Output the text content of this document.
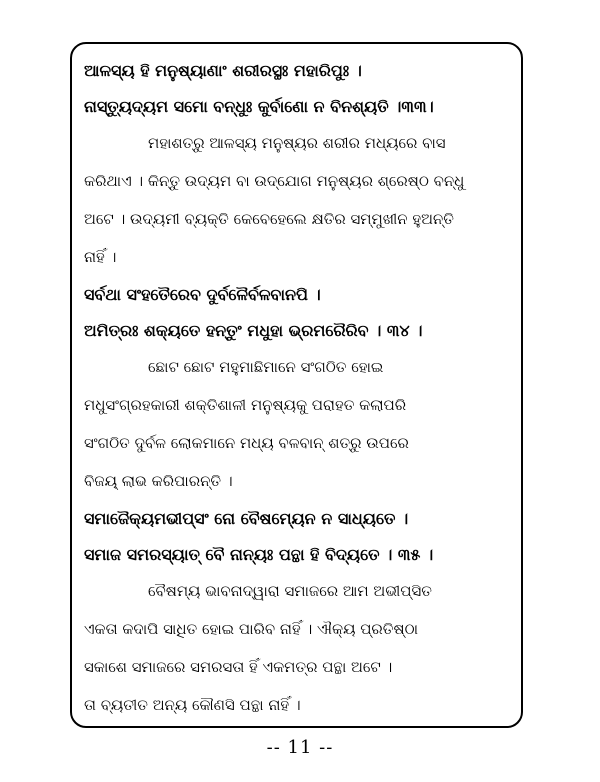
ଆଳସ୍ୟ ହି ମନୁଷ୍ୟାଣାଂ ଶରୀରସ୍ଥଃ ମହାରିପୁଃ ।

ନାସ୍ତ୍ୟୁଦ୍ୟମ ସମୋ ବନ୍ଧୁଃ କୁର୍ବାଣୋ ନ ବିନଶ୍ୟତି ।୩୩।

ମହାଶତ୍ରୁ ଆଳସ୍ୟ ମନୁଷ୍ୟର ଶରୀର ମଧ୍ୟରେ ବାସ

କରିଥାଏ । କିନ୍ତୁ ଉଦ୍ୟମ ବା ଉଦ୍‌ଯୋଗ ମନୁଷ୍ୟର ଶ୍ରେଷ୍ଠ ବନ୍ଧୁ

ଅଟେ । ଉଦ୍ୟମୀ ବ୍ୟକ୍ତି କେବେହେଲେ କ୍ଷତିର ସମ୍ମୁଖୀନ ହୁଅନ୍ତି

ନାହିଁ ।

ସର୍ବଥା ସଂହତୈରେବ ଦୁର୍ବଳୈର୍ବଳବାନପି ।

ଅମିତ୍ରଃ ଶକ୍ୟତେ ହନ୍ତୁଂ ମଧୁହା ଭ୍ରମରୈରିବ । ୩୪ ।

ଛୋଟ ଛୋଟ ମହୁମାଛିମାନେ ସଂଗଠିତ ହୋଇ

ମଧୁସଂଗ୍ରହକାରୀ ଶକ୍ତିଶାଳୀ ମନୁଷ୍ୟକୁ ପରାହତ କଲାପରି

ସଂଗଠିତ ଦୁର୍ବଳ ଲୋକମାନେ ମଧ୍ୟ ବଳବାନ୍ ଶତ୍ରୁ ଉପରେ

ବିଜୟ୍ ଲାଭ କରିପାରନ୍ତି ।

ସମାଜୈକ୍ୟମଭୀପ୍ସଂ ନୋ ବୈଷମ୍ୟେନ ନ ସାଧ୍ୟତେ ।

ସମାଜ ସମରସ୍ୟାତ୍ ବୈ ନାନ୍ୟଃ ପନ୍ଥା ହି ବିଦ୍ୟତେ । ୩୫ ।

ବୈଷମ୍ୟ ଭାବନାଦ୍ୱାରା ସମାଜରେ ଆମ ଅଭୀପ୍‌ସିତ

ଏକତା କଦାପି ସାଧିତ ହୋଇ ପାରିବ ନାହିଁ । ଐକ୍ୟ ପ୍ରତିଷ୍ଠା

ସକାଶେ ସମାଜରେ ସମରସତା ହିଁ ଏକମତ୍ର ପନ୍ଥା ଅଟେ ।

ତା ବ୍ୟତୀତ ଅନ୍ୟ କୌଣସି ପନ୍ଥା ନାହିଁ ।

-- 11 --
